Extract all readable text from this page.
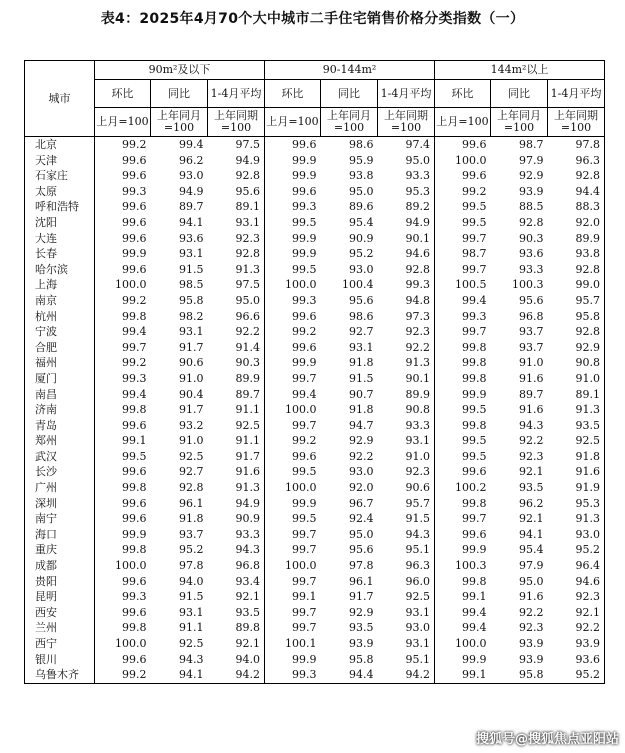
表4：2025年4月70个大中城市二手住宅销售价格分类指数（一）
城市	90m²及以下			90-144m²			144m²以上		
	环比	同比	1-4月平均	环比	同比	1-4月平均	环比	同比	1-4月平均
	上月=100	上年同月=100	上年同期=100	上月=100	上年同月=100	上年同期=100	上月=100	上年同月=100	上年同期=100
北京	99.2	99.4	97.5	99.6	98.6	97.4	99.6	98.7	97.8
天津	99.6	96.2	94.9	99.9	95.9	95.0	100.0	97.9	96.3
石家庄	99.6	93.0	92.8	99.9	93.8	93.3	99.6	92.9	92.8
太原	99.3	94.9	95.6	99.6	95.0	95.3	99.2	93.9	94.4
呼和浩特	99.6	89.7	89.1	99.3	89.6	89.2	99.5	88.5	88.3
沈阳	99.6	94.1	93.1	99.5	95.4	94.9	99.5	92.8	92.0
大连	99.6	93.6	92.3	99.9	90.9	90.1	99.7	90.3	89.9
长春	99.9	93.1	92.8	99.9	95.2	94.6	98.7	93.6	93.8
哈尔滨	99.6	91.5	91.3	99.5	93.0	92.8	99.7	93.3	92.8
上海	100.0	98.5	97.5	100.0	100.4	99.3	100.5	100.3	99.0
南京	99.2	95.8	95.0	99.3	95.6	94.8	99.4	95.6	95.7
杭州	99.8	98.2	96.6	99.6	98.6	97.3	99.3	96.8	95.8
宁波	99.4	93.1	92.2	99.2	92.7	92.3	99.7	93.7	92.8
合肥	99.7	91.7	91.4	99.6	93.1	92.2	99.8	93.7	92.9
福州	99.2	90.6	90.3	99.9	91.8	91.3	99.8	91.0	90.8
厦门	99.3	91.0	89.9	99.7	91.5	90.1	99.8	91.6	91.0
南昌	99.4	90.4	89.7	99.4	90.7	89.9	99.9	89.7	89.1
济南	99.8	91.7	91.1	100.0	91.8	90.8	99.5	91.6	91.3
青岛	99.6	93.2	92.5	99.7	94.7	93.3	99.8	94.3	93.5
郑州	99.1	91.0	91.1	99.2	92.9	93.1	99.5	92.2	92.5
武汉	99.5	92.5	91.7	99.6	92.2	91.0	99.5	92.3	91.8
长沙	99.6	92.7	91.6	99.5	93.0	92.3	99.6	92.1	91.6
广州	99.8	92.8	91.3	100.0	92.0	90.6	100.2	93.5	91.9
深圳	99.6	96.1	94.9	99.9	96.7	95.7	99.8	96.2	95.3
南宁	99.6	91.8	90.9	99.5	92.4	91.5	99.7	92.1	91.3
海口	99.9	93.7	93.3	99.7	95.0	94.3	99.6	94.1	93.0
重庆	99.8	95.2	94.3	99.7	95.6	95.1	99.9	95.4	95.2
成都	100.0	97.8	96.8	100.0	97.8	96.3	100.3	97.9	96.4
贵阳	99.6	94.0	93.4	99.7	96.1	96.0	99.8	95.0	94.6
昆明	99.3	91.5	92.1	99.1	91.7	92.5	99.1	91.6	92.3
西安	99.6	93.1	93.5	99.7	92.9	93.1	99.4	92.2	92.1
兰州	99.8	91.1	89.8	99.7	93.5	93.0	99.4	92.3	92.2
西宁	100.0	92.5	92.1	100.1	93.9	93.1	100.0	93.9	93.9
银川	99.6	94.3	94.0	99.9	95.8	95.1	99.9	93.9	93.6
乌鲁木齐	99.2	94.1	94.2	99.3	94.4	94.2	99.1	95.8	95.2
搜狐号@搜狐焦点亚阳站
